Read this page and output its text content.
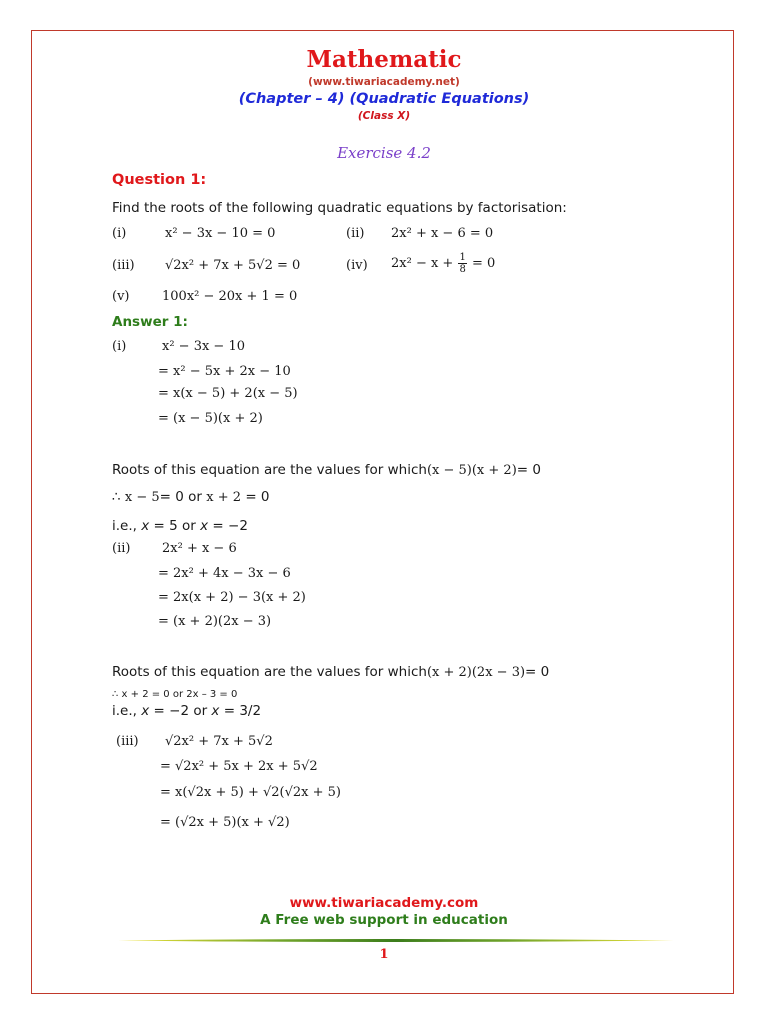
Mathematic
(www.tiwariacademy.net)
(Chapter – 4) (Quadratic Equations)
(Class X)
Exercise 4.2
Question 1:
Find the roots of the following quadratic equations by factorisation:
(i)	x² − 3x − 10 = 0	(ii) 2x² + x − 6 = 0
(iii) √2x² + 7x + 5√2 = 0	(iv) $2x^2 - x + \frac{1}{8} = 0$
(v)	100x² − 20x + 1 = 0
Answer 1:
(i)	x² − 3x − 10
= x² − 5x + 2x − 10
= x(x − 5) + 2(x − 5)
= (x − 5)(x + 2)
Roots of this equation are the values for which(x − 5)(x + 2)= 0
∴ x − 5= 0 or x + 2 = 0
i.e., x = 5 or x = −2
(ii) 2x² + x − 6
= 2x² + 4x − 3x − 6
= 2x(x + 2) − 3(x + 2)
= (x + 2)(2x − 3)
Roots of this equation are the values for which(x + 2)(2x − 3)= 0
∴ x + 2 = 0 or 2x – 3 = 0
i.e., x = −2 or x = 3/2
(iii) √2x² + 7x + 5√2
= √2x² + 5x + 2x + 5√2
= x(√2x + 5) + √2(√2x + 5)
= (√2x + 5)(x + √2)
www.tiwariacademy.com
A Free web support in education
1
